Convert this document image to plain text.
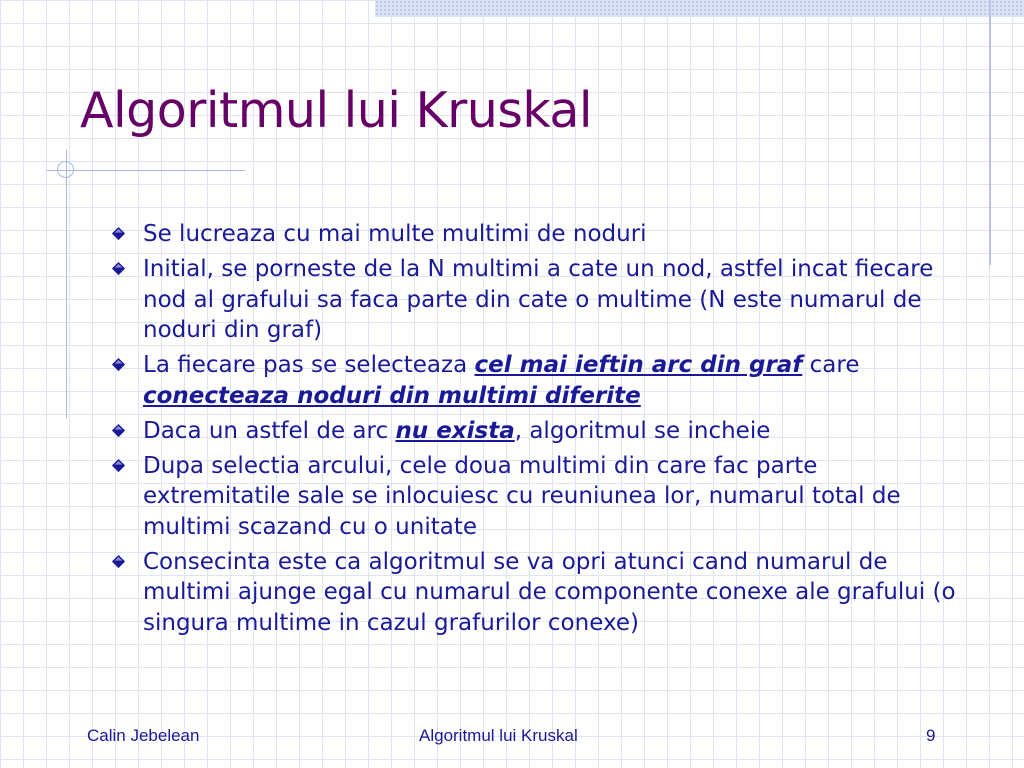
Algoritmul lui Kruskal
Se lucreaza cu mai multe multimi de noduri
Initial, se porneste de la N multimi a cate un nod, astfel incat fiecare nod al grafului sa faca parte din cate o multime (N este numarul de noduri din graf)
La fiecare pas se selecteaza cel mai ieftin arc din graf care conecteaza noduri din multimi diferite
Daca un astfel de arc nu exista, algoritmul se incheie
Dupa selectia arcului, cele doua multimi din care fac parte extremitatile sale se inlocuiesc cu reuniunea lor, numarul total de multimi scazand cu o unitate
Consecinta este ca algoritmul se va opri atunci cand numarul de multimi ajunge egal cu numarul de componente conexe ale grafului (o singura multime in cazul grafurilor conexe)
Calin Jebelean	Algoritmul lui Kruskal	9
